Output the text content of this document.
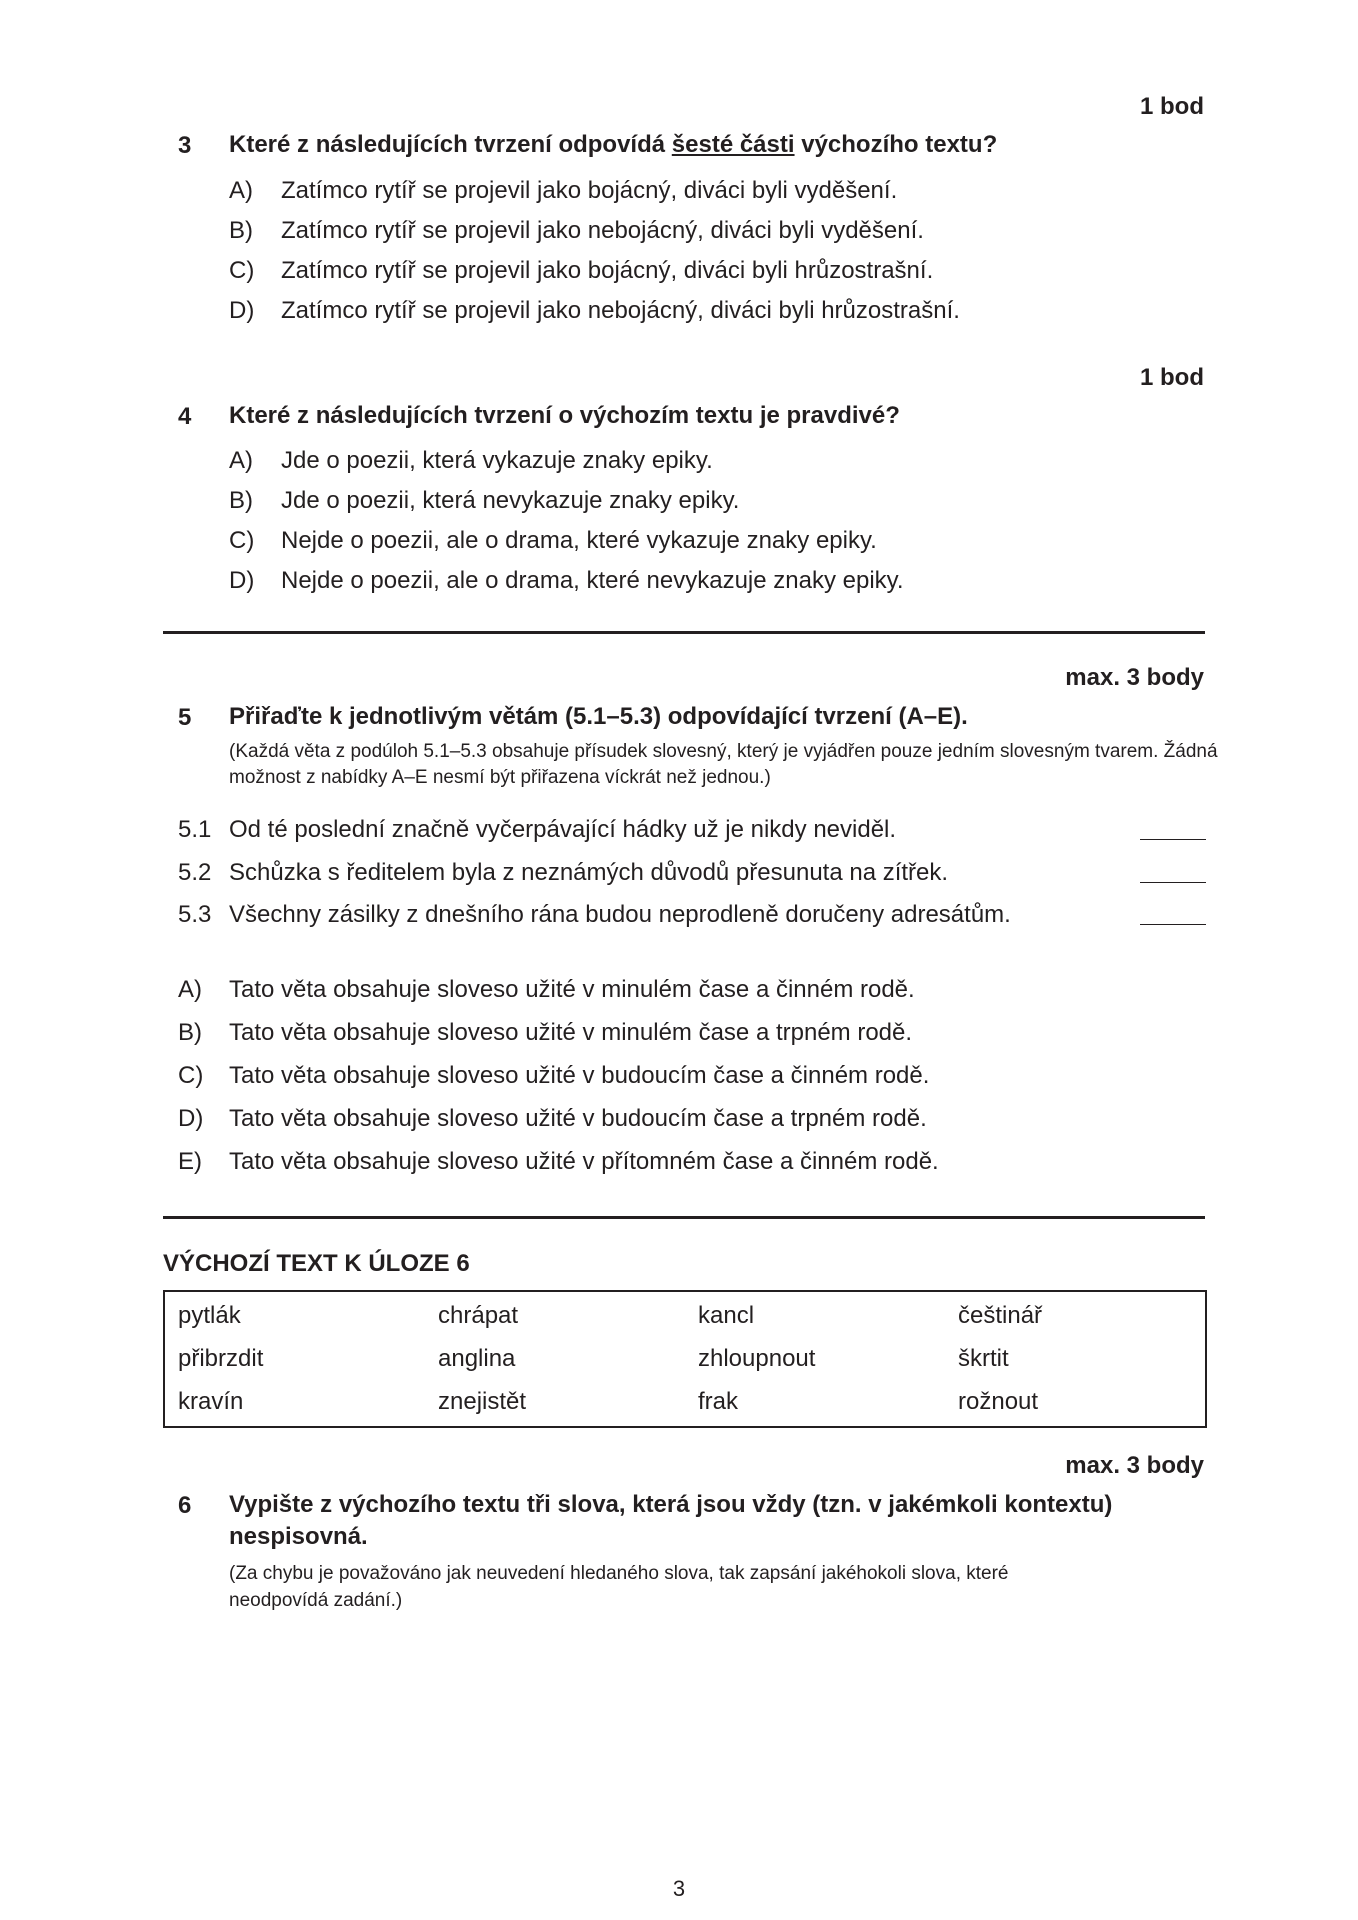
1 bod
3	Které z následujících tvrzení odpovídá šesté části výchozího textu?
A) Zatímco rytíř se projevil jako bojácný, diváci byli vyděšení.
B) Zatímco rytíř se projevil jako nebojácný, diváci byli vyděšení.
C) Zatímco rytíř se projevil jako bojácný, diváci byli hrůzostrašní.
D) Zatímco rytíř se projevil jako nebojácný, diváci byli hrůzostrašní.
1 bod
4	Které z následujících tvrzení o výchozím textu je pravdivé?
A) Jde o poezii, která vykazuje znaky epiky.
B) Jde o poezii, která nevykazuje znaky epiky.
C) Nejde o poezii, ale o drama, které vykazuje znaky epiky.
D) Nejde o poezii, ale o drama, které nevykazuje znaky epiky.
max. 3 body
5	Přiřaďte k jednotlivým větám (5.1–5.3) odpovídající tvrzení (A–E).
(Každá věta z podúloh 5.1–5.3 obsahuje přísudek slovesný, který je vyjádřen pouze jedním slovesným tvarem. Žádná možnost z nabídky A–E nesmí být přiřazena víckrát než jednou.)
5.1 Od té poslední značně vyčerpávající hádky už je nikdy neviděl.
5.2 Schůzka s ředitelem byla z neznámých důvodů přesunuta na zítřek.
5.3 Všechny zásilky z dnešního rána budou neprodleně doručeny adresátům.
A) Tato věta obsahuje sloveso užité v minulém čase a činném rodě.
B) Tato věta obsahuje sloveso užité v minulém čase a trpném rodě.
C) Tato věta obsahuje sloveso užité v budoucím čase a činném rodě.
D) Tato věta obsahuje sloveso užité v budoucím čase a trpném rodě.
E) Tato věta obsahuje sloveso užité v přítomném čase a činném rodě.
VÝCHOZÍ TEXT K ÚLOZE 6
pytlák	chrápat	kancl	češtinář
přibrzdit	anglina	zhloupnout	škrtit
kravín	znejistět	frak	rožnout
max. 3 body
6	Vypište z výchozího textu tři slova, která jsou vždy (tzn. v jakémkoli kontextu)
nespisovná.
(Za chybu je považováno jak neuvedení hledaného slova, tak zapsání jakéhokoli slova, které
neodpovídá zadání.)
3
